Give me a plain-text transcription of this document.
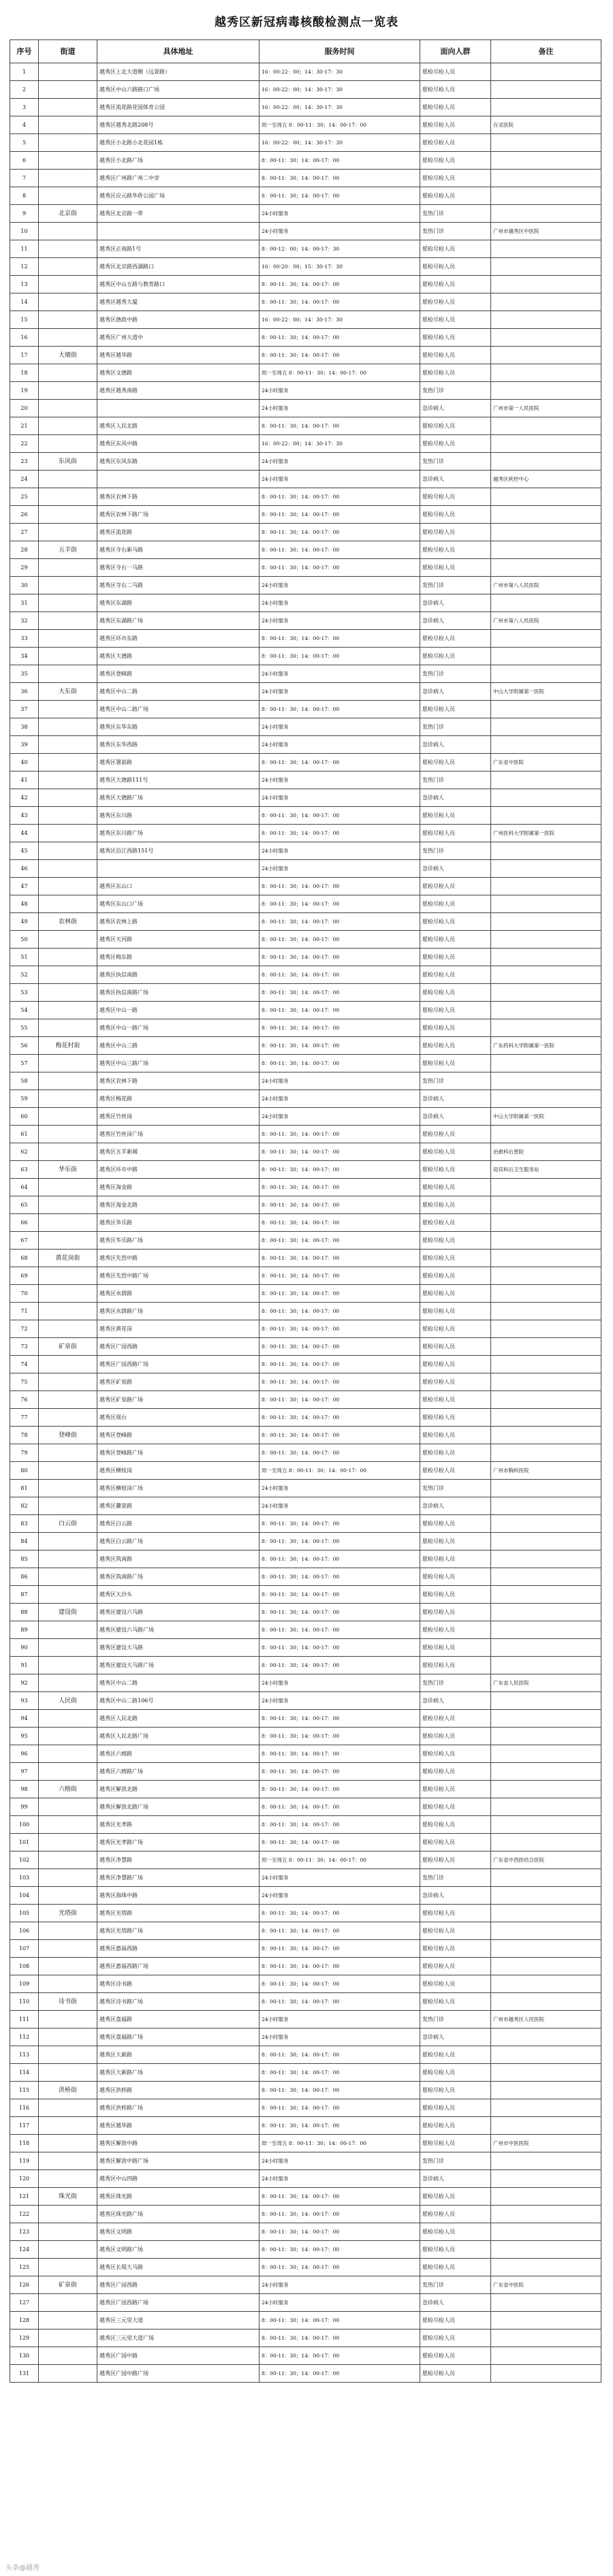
越秀区新冠病毒核酸检测点一览表
序号	街道	具体地址	服务时间	面向人群	备注
1		越秀区上北大道侧（远景路）	16：00-22：00；14：30-17：30	愿检尽检人员	
2		越秀区中山六路路口广场	16：00-22：00；14：30-17：30	愿检尽检人员	
3		越秀区流花路花园体育公园	16：00-22：00；14：30-17：30	愿检尽检人员	
4		越秀区越秀北路208号	周一至周五 8：00-11：30；14：00-17：00	愿检尽检人员	百灵医院
5		越秀区小北路小北花园1栋	16：00-22：00；14：30-17：30	愿检尽检人员	
6		越秀区小北路广场	8：00-11：30；14：00-17：00	愿检尽检人员	
7		越秀区广州路广州二中旁	8：00-11：30；14：00-17：00	愿检尽检人员	
8		越秀区应元路华侨公园广场	8：00-11：30；14：00-17：00	愿检尽检人员	
9	北京街	越秀区北京路一带	24小时服务	发热门诊	
10			24小时服务	发热门诊	广州市越秀区中医院
11		越秀区正南路1号	8：00-12：00；14：00-17：30	愿检尽检人员	
12		越秀区北京路西湖路口	16：00-20：00；15：30-17：30	愿检尽检人员	
13		越秀区中山五路与教育路口	8：00-11：30；14：00-17：00	愿检尽检人员	
14		越秀区越秀大厦	8：00-11：30；14：00-17：00	愿检尽检人员	
15		越秀区德政中路	16：00-22：00；14：30-17：30	愿检尽检人员	
16		越秀区广州大道中	8：00-11：30；14：00-17：00	愿检尽检人员	
17	大塘街	越秀区越华路	8：00-11：30；14：00-17：00	愿检尽检人员	
18		越秀区文德路	周一至周五 8：00-11：30；14：00-17：00	愿检尽检人员	
19		越秀区越秀南路	24小时服务	发热门诊	
20			24小时服务	急诊病人	广州市第一人民医院
21		越秀区人民北路	8：00-11：30；14：00-17：00	愿检尽检人员	
22		越秀区东风中路	16：00-22：00；14：30-17：30	愿检尽检人员	
23	东风街	越秀区东风东路	24小时服务	发热门诊	
24			24小时服务	急诊病人	越秀区疾控中心
25		越秀区农林下路	8：00-11：30；14：00-17：00	愿检尽检人员	
26		越秀区农林下路广场	8：00-11：30；14：00-17：00	愿检尽检人员	
27		越秀区流花路	8：00-11：30；14：00-17：00	愿检尽检人员	
28	五羊街	越秀区寺右新马路	8：00-11：30；14：00-17：00	愿检尽检人员	
29		越秀区寺右一马路	8：00-11：30；14：00-17：00	愿检尽检人员	
30		越秀区寺右二马路	24小时服务	发热门诊	广州市第八人民医院
31		越秀区东湖路	24小时服务	急诊病人	
32		越秀区东湖路广场	24小时服务	急诊病人	广州市第八人民医院
33		越秀区环市东路	8：00-11：30；14：00-17：00	愿检尽检人员	
34		越秀区大德路	8：00-11：30；14：00-17：00	愿检尽检人员	
35		越秀区登峰路	24小时服务	发热门诊	
36	大东街	越秀区中山二路	24小时服务	急诊病人	中山大学附属第一医院
37		越秀区中山二路广场	8：00-11：30；14：00-17：00	愿检尽检人员	
38		越秀区东华东路	24小时服务	发热门诊	
39		越秀区东华西路	24小时服务	急诊病人	
40		越秀区署前路	8：00-11：30；14：00-17：00	愿检尽检人员	广东省中医院
41		越秀区大德路111号	24小时服务	发热门诊	
42		越秀区大德路广场	24小时服务	急诊病人	
43		越秀区东川路	8：00-11：30；14：00-17：00	愿检尽检人员	
44		越秀区东川路广场	8：00-11：30；14：00-17：00	愿检尽检人员	广州医科大学附属第一医院
45		越秀区沿江西路151号	24小时服务	发热门诊	
46			24小时服务	急诊病人	
47		越秀区东山口	8：00-11：30；14：00-17：00	愿检尽检人员	
48		越秀区东山口广场	8：00-11：30；14：00-17：00	愿检尽检人员	
49	农林街	越秀区农林上路	8：00-11：30；14：00-17：00	愿检尽检人员	
50		越秀区天河路	8：00-11：30；14：00-17：00	愿检尽检人员	
51		越秀区梅东路	8：00-11：30；14：00-17：00	愿检尽检人员	
52		越秀区执信南路	8：00-11：30；14：00-17：00	愿检尽检人员	
53		越秀区执信南路广场	8：00-11：30；14：00-17：00	愿检尽检人员	
54		越秀区中山一路	8：00-11：30；14：00-17：00	愿检尽检人员	
55		越秀区中山一路广场	8：00-11：30；14：00-17：00	愿检尽检人员	
56	梅花村街	越秀区中山三路	8：00-11：30；14：00-17：00	愿检尽检人员	广东药科大学附属第一医院
57		越秀区中山三路广场	8：00-11：30；14：00-17：00	愿检尽检人员	
58		越秀区农林下路	24小时服务	发热门诊	
59		越秀区梅花路	24小时服务	急诊病人	
60		越秀区竹丝岗	24小时服务	急诊病人	中山大学附属第一医院
61		越秀区竹丝岗广场	8：00-11：30；14：00-17：00	愿检尽检人员	
62		越秀区五羊新城	8：00-11：30；14：00-17：00	愿检尽检人员	治愈科后患院
63	华乐街	越秀区环市中路	8：00-11：30；14：00-17：00	愿检尽检人员	迎宾科后卫生服务站
64		越秀区淘金路	8：00-11：30；14：00-17：00	愿检尽检人员	
65		越秀区淘金北路	8：00-11：30；14：00-17：00	愿检尽检人员	
66		越秀区华乐路	8：00-11：30；14：00-17：00	愿检尽检人员	
67		越秀区华乐路广场	8：00-11：30；14：00-17：00	愿检尽检人员	
68	黄花岗街	越秀区先烈中路	8：00-11：30；14：00-17：00	愿检尽检人员	
69		越秀区先烈中路广场	8：00-11：30；14：00-17：00	愿检尽检人员	
70		越秀区水荫路	8：00-11：30；14：00-17：00	愿检尽检人员	
71		越秀区水荫路广场	8：00-11：30；14：00-17：00	愿检尽检人员	
72		越秀区黄花岗	8：00-11：30；14：00-17：00	愿检尽检人员	
73	矿泉街	越秀区广园西路	8：00-11：30；14：00-17：00	愿检尽检人员	
74		越秀区广园西路广场	8：00-11：30；14：00-17：00	愿检尽检人员	
75		越秀区矿泉路	8：00-11：30；14：00-17：00	愿检尽检人员	
76		越秀区矿泉路广场	8：00-11：30；14：00-17：00	愿检尽检人员	
77		越秀区瑶台	8：00-11：30；14：00-17：00	愿检尽检人员	
78	登峰街	越秀区登峰路	8：00-11：30；14：00-17：00	愿检尽检人员	
79		越秀区登峰路广场	8：00-11：30；14：00-17：00	愿检尽检人员	
80		越秀区横枝岗	周一至周五 8：00-11：30；14：00-17：00	愿检尽检人员	广州市胸科医院
81		越秀区横枝岗广场	24小时服务	发热门诊	
82		越秀区麓景路	24小时服务	急诊病人	
83	白云街	越秀区白云路	8：00-11：30；14：00-17：00	愿检尽检人员	
84		越秀区白云路广场	8：00-11：30；14：00-17：00	愿检尽检人员	
85		越秀区筑南路	8：00-11：30；14：00-17：00	愿检尽检人员	
86		越秀区筑南路广场	8：00-11：30；14：00-17：00	愿检尽检人员	
87		越秀区大沙头	8：00-11：30；14：00-17：00	愿检尽检人员	
88	建设街	越秀区建设六马路	8：00-11：30；14：00-17：00	愿检尽检人员	
89		越秀区建设六马路广场	8：00-11：30；14：00-17：00	愿检尽检人员	
90		越秀区建设大马路	8：00-11：30；14：00-17：00	愿检尽检人员	
91		越秀区建设大马路广场	8：00-11：30；14：00-17：00	愿检尽检人员	
92		越秀区中山二路	24小时服务	发热门诊	广东省人民医院
93	人民街	越秀区中山二路106号	24小时服务	急诊病人	
94		越秀区人民北路	8：00-11：30；14：00-17：00	愿检尽检人员	
95		越秀区人民北路广场	8：00-11：30；14：00-17：00	愿检尽检人员	
96		越秀区六榕路	8：00-11：30；14：00-17：00	愿检尽检人员	
97		越秀区六榕路广场	8：00-11：30；14：00-17：00	愿检尽检人员	
98	六榕街	越秀区解放北路	8：00-11：30；14：00-17：00	愿检尽检人员	
99		越秀区解放北路广场	8：00-11：30；14：00-17：00	愿检尽检人员	
100		越秀区光孝路	8：00-11：30；14：00-17：00	愿检尽检人员	
101		越秀区光孝路广场	8：00-11：30；14：00-17：00	愿检尽检人员	
102		越秀区净慧路	周一至周五 8：00-11：30；14：00-17：00	愿检尽检人员	广东省中西医结合医院
103		越秀区净慧路广场	24小时服务	发热门诊	
104		越秀区海珠中路	24小时服务	急诊病人	
105	光塔街	越秀区光塔路	8：00-11：30；14：00-17：00	愿检尽检人员	
106		越秀区光塔路广场	8：00-11：30；14：00-17：00	愿检尽检人员	
107		越秀区惠福西路	8：00-11：30；14：00-17：00	愿检尽检人员	
108		越秀区惠福西路广场	8：00-11：30；14：00-17：00	愿检尽检人员	
109		越秀区诗书路	8：00-11：30；14：00-17：00	愿检尽检人员	
110	诗书街	越秀区诗书路广场	8：00-11：30；14：00-17：00	愿检尽检人员	
111		越秀区盘福路	24小时服务	发热门诊	广州市越秀区人民医院
112		越秀区盘福路广场	24小时服务	急诊病人	
113		越秀区大新路	8：00-11：30；14：00-17：00	愿检尽检人员	
114		越秀区大新路广场	8：00-11：30；14：00-17：00	愿检尽检人员	
115	洪桥街	越秀区洪桥路	8：00-11：30；14：00-17：00	愿检尽检人员	
116		越秀区洪桥路广场	8：00-11：30；14：00-17：00	愿检尽检人员	
117		越秀区越华路	8：00-11：30；14：00-17：00	愿检尽检人员	
118		越秀区解放中路	周一至周五 8：00-11：30；14：00-17：00	愿检尽检人员	广州市中医医院
119		越秀区解放中路广场	24小时服务	发热门诊	
120		越秀区中山四路	24小时服务	急诊病人	
121	珠光街	越秀区珠光路	8：00-11：30；14：00-17：00	愿检尽检人员	
122		越秀区珠光路广场	8：00-11：30；14：00-17：00	愿检尽检人员	
123		越秀区文明路	8：00-11：30；14：00-17：00	愿检尽检人员	
124		越秀区文明路广场	8：00-11：30；14：00-17：00	愿检尽检人员	
125		越秀区长堤大马路	8：00-11：30；14：00-17：00	愿检尽检人员	
126	矿泉街	越秀区广园西路	24小时服务	发热门诊	广东省中医院
127		越秀区广园西路广场	24小时服务	急诊病人	
128		越秀区三元里大道	8：00-11：30；14：00-17：00	愿检尽检人员	
129		越秀区三元里大道广场	8：00-11：30；14：00-17：00	愿检尽检人员	
130		越秀区广园中路	8：00-11：30；14：00-17：00	愿检尽检人员	
131		越秀区广园中路广场	8：00-11：30；14：00-17：00	愿检尽检人员	
头条@越秀
